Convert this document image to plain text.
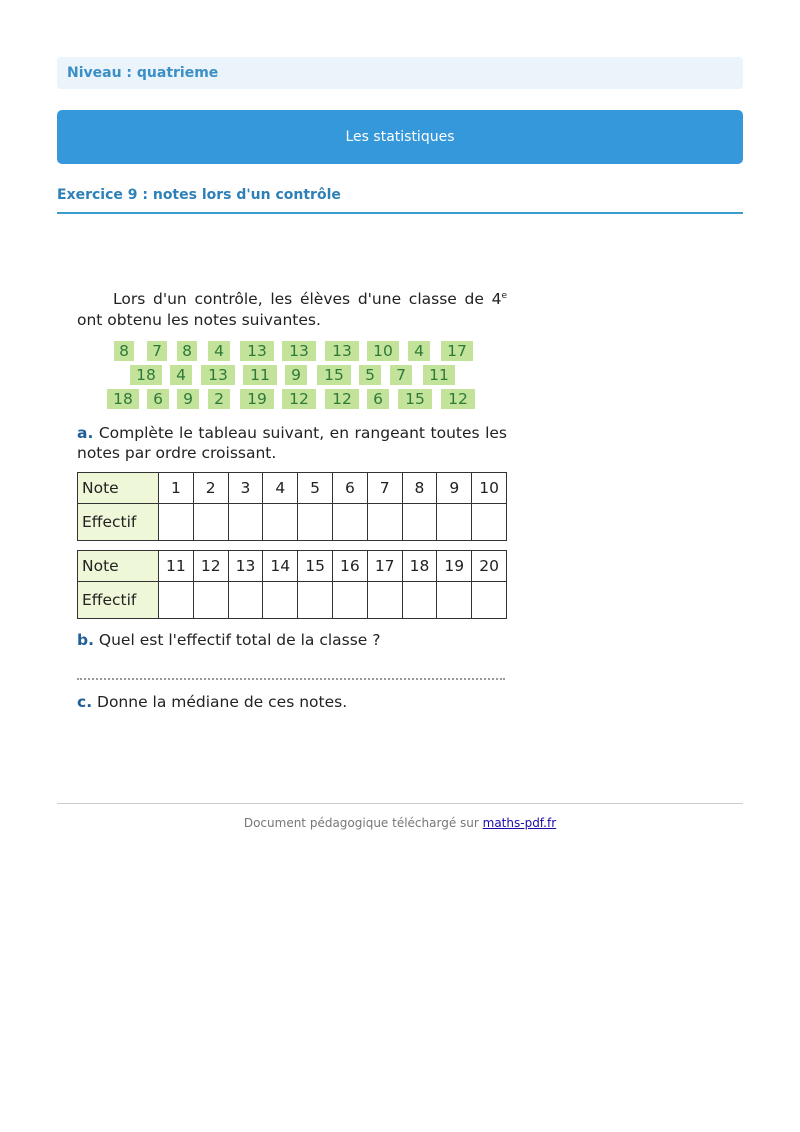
Niveau : quatrieme
Les statistiques
Exercice 9 : notes lors d'un contrôle

Lors d'un contrôle, les élèves d'une classe de 4e ont obtenu les notes suivantes.

8	7	8	4	13	13	13	10	4	17
18	4	13	11	9	15	5	7	11
18	6	9	2	19	12	12	6	15	12

a. Complète le tableau suivant, en rangeant toutes les notes par ordre croissant.

Note	1	2	3	4	5	6	7	8	9	10
Effectif										
Note	11	12	13	14	15	16	17	18	19	20
Effectif										

b. Quel est l'effectif total de la classe ?

c. Donne la médiane de ces notes.

Document pédagogique téléchargé sur maths-pdf.fr
